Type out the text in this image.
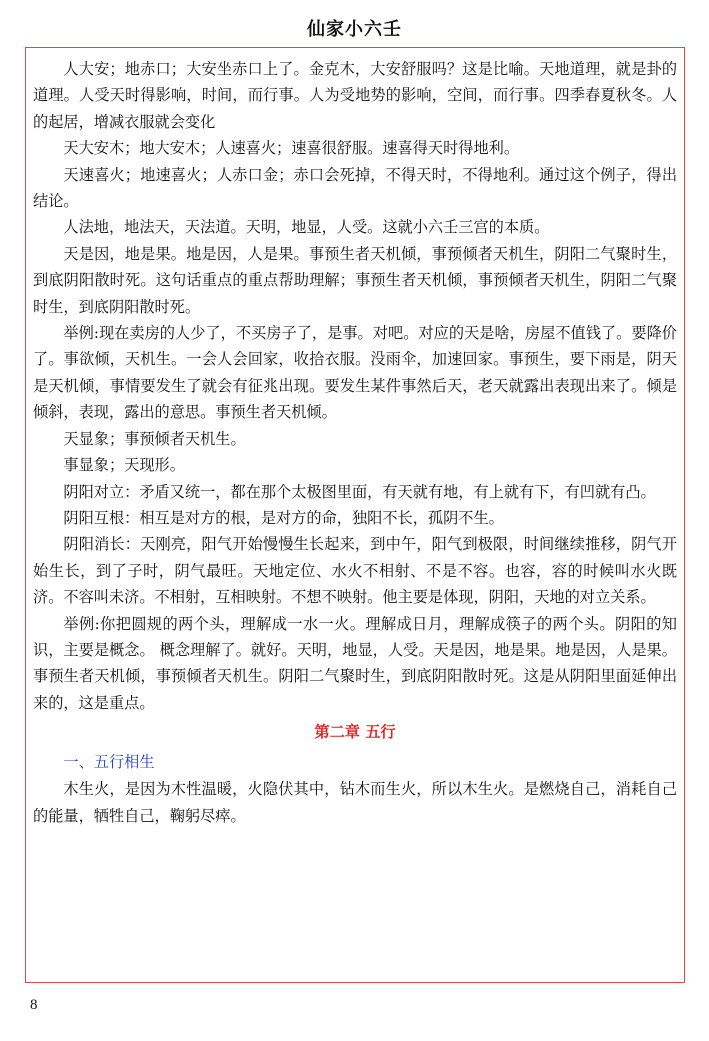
仙家小六壬

人大安；地赤口；大安坐赤口上了。金克木，大安舒服吗？这是比喻。天地道理，就是卦的道理。人受天时得影响，时间，而行事。人为受地势的影响，空间，而行事。四季春夏秋冬。人的起居，增减衣服就会变化

天大安木；地大安木；人速喜火；速喜很舒服。速喜得天时得地利。

天速喜火；地速喜火；人赤口金；赤口会死掉，不得天时，不得地利。通过这个例子，得出结论。

人法地，地法天，天法道。天明，地显，人受。这就小六壬三宫的本质。

天是因，地是果。地是因，人是果。事预生者天机倾，事预倾者天机生，阴阳二气聚时生，到底阴阳散时死。这句话重点的重点帮助理解；事预生者天机倾，事预倾者天机生，阴阳二气聚时生，到底阴阳散时死。

举例:现在卖房的人少了，不买房子了，是事。对吧。对应的天是啥，房屋不值钱了。要降价了。事欲倾，天机生。一会人会回家，收拾衣服。没雨伞，加速回家。事预生，要下雨是，阴天是天机倾，事情要发生了就会有征兆出现。要发生某件事然后天，老天就露出表现出来了。倾是倾斜，表现，露出的意思。事预生者天机倾。

天显象；事预倾者天机生。

事显象；天现形。

阴阳对立：矛盾又统一，都在那个太极图里面，有天就有地，有上就有下，有凹就有凸。

阴阳互根：相互是对方的根，是对方的命，独阳不长，孤阴不生。

阴阳消长：天刚亮，阳气开始慢慢生长起来，到中午，阳气到极限，时间继续推移，阴气开始生长，到了子时，阴气最旺。天地定位、水火不相射、不是不容。也容，容的时候叫水火既济。不容叫未济。不相射，互相映射。不想不映射。他主要是体现，阴阳，天地的对立关系。

举例:你把圆规的两个头，理解成一水一火。理解成日月，理解成筷子的两个头。阴阳的知识，主要是概念。 概念理解了。就好。天明，地显，人受。天是因，地是果。地是因，人是果。事预生者天机倾，事预倾者天机生。阴阳二气聚时生，到底阴阳散时死。这是从阴阳里面延伸出来的，这是重点。

第二章 五行

一、五行相生

木生火，是因为木性温暖，火隐伏其中，钻木而生火，所以木生火。是燃烧自己，消耗自己的能量，牺牲自己，鞠躬尽瘁。

8
